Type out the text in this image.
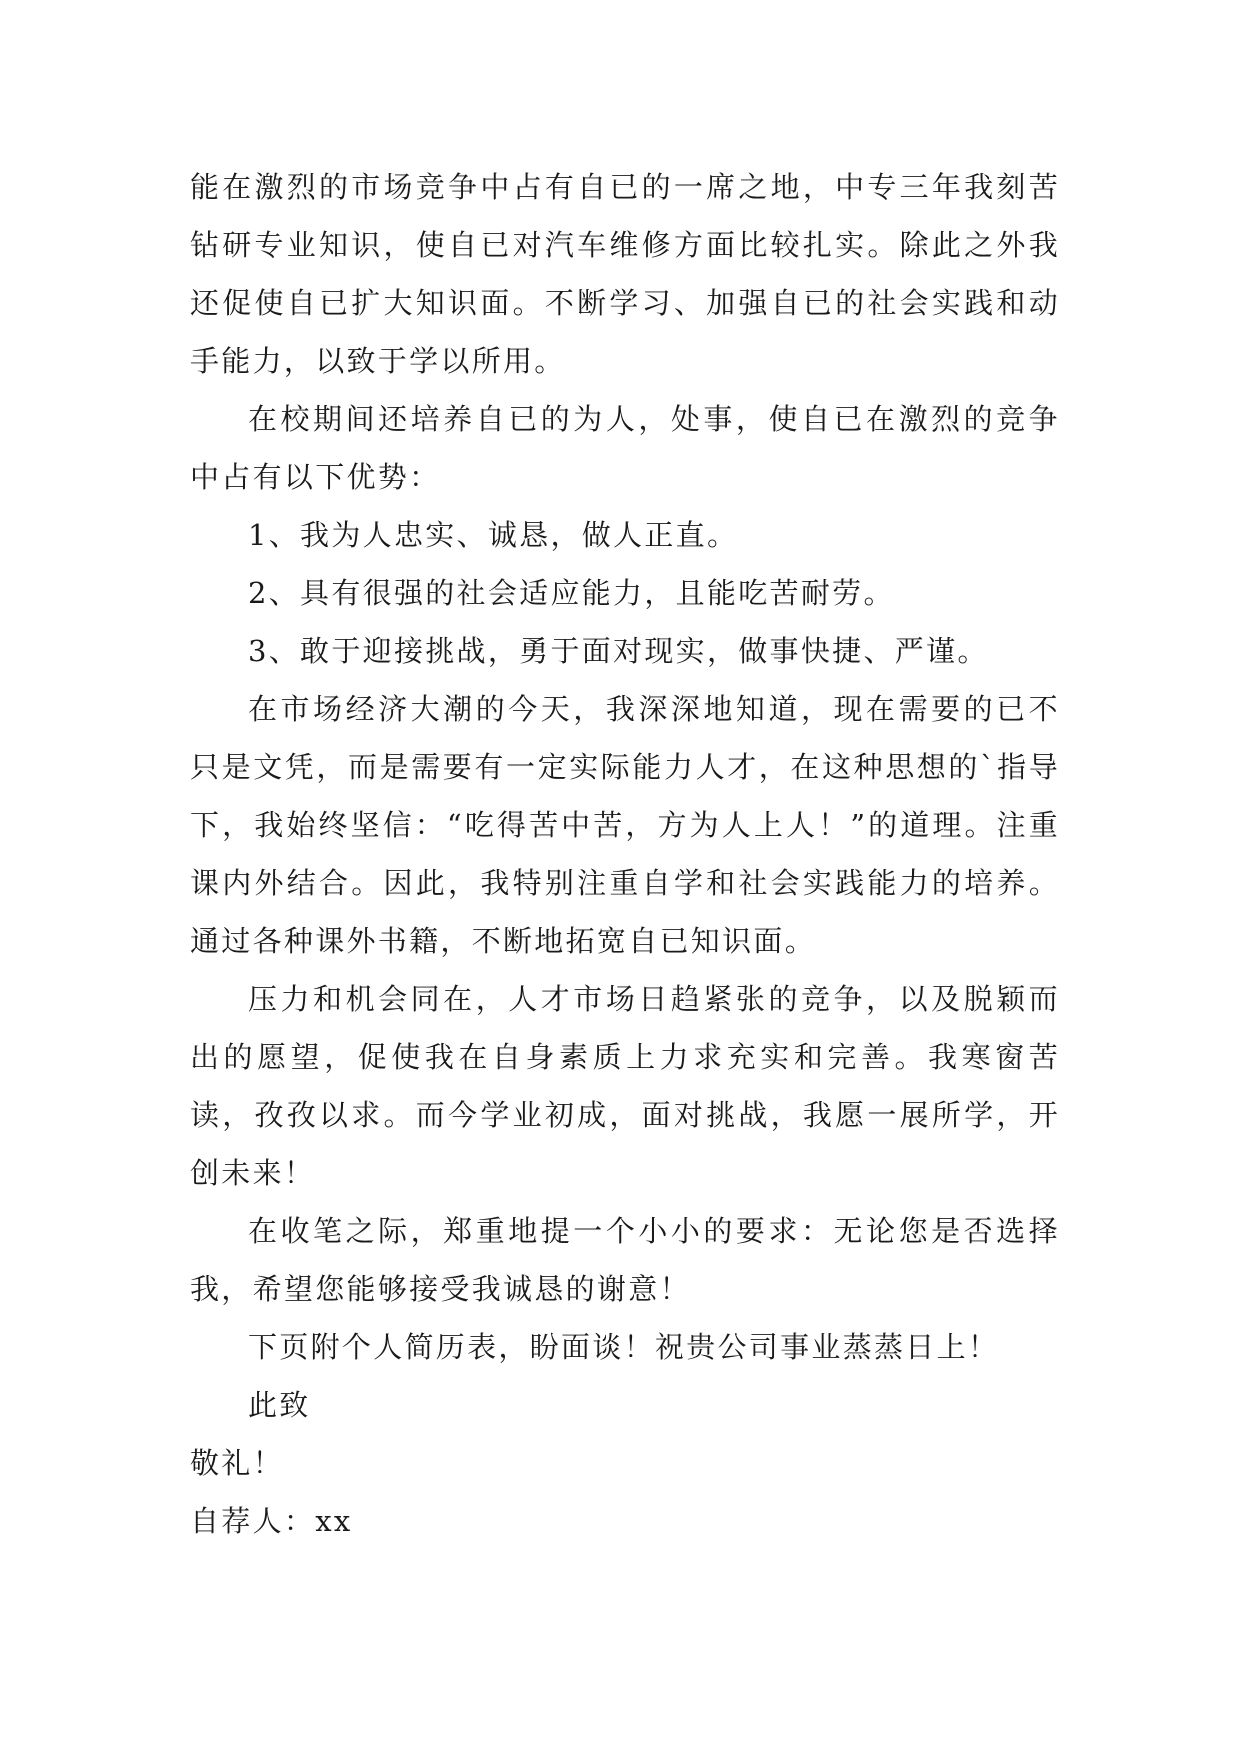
能在激烈的市场竞争中占有自已的一席之地，中专三年我刻苦钻研专业知识，使自已对汽车维修方面比较扎实。除此之外我还促使自已扩大知识面。不断学习、加强自已的社会实践和动手能力，以致于学以所用。

在校期间还培养自已的为人，处事，使自已在激烈的竞争中占有以下优势：

1、我为人忠实、诚恳，做人正直。

2、具有很强的社会适应能力，且能吃苦耐劳。

3、敢于迎接挑战，勇于面对现实，做事快捷、严谨。

在市场经济大潮的今天，我深深地知道，现在需要的已不只是文凭，而是需要有一定实际能力人才，在这种思想的`指导下，我始终坚信：“吃得苦中苦，方为人上人！”的道理。注重课内外结合。因此，我特别注重自学和社会实践能力的培养。通过各种课外书籍，不断地拓宽自已知识面。

压力和机会同在，人才市场日趋紧张的竞争，以及脱颖而出的愿望，促使我在自身素质上力求充实和完善。我寒窗苦读，孜孜以求。而今学业初成，面对挑战，我愿一展所学，开创未来！

在收笔之际，郑重地提一个小小的要求：无论您是否选择我，希望您能够接受我诚恳的谢意！

下页附个人简历表，盼面谈！祝贵公司事业蒸蒸日上！

此致

敬礼！

自荐人：xx
